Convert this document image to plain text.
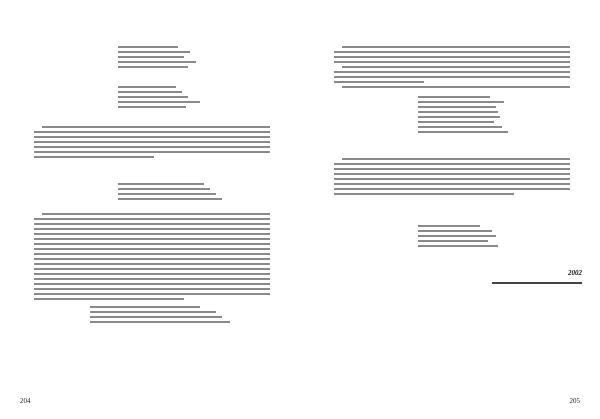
204
2002
205
